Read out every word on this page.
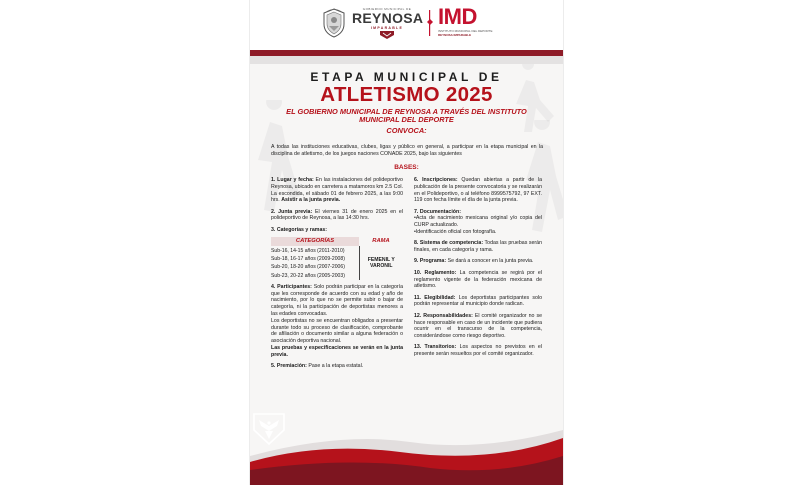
GOBIERNO MUNICIPAL DE
REYNOSA
IMPARABLE	IMD
INSTITUTO MUNICIPAL DEL DEPORTE
REYNOSA IMPARABLE
ETAPA MUNICIPAL DE
ATLETISMO 2025
EL GOBIERNO MUNICIPAL DE REYNOSA A TRAVÉS DEL INSTITUTO MUNICIPAL DEL DEPORTE
CONVOCA:
A todas las instituciones educativas, clubes, ligas y público en general, a participar en la etapa municipal en la disciplina de atletismo, de los juegos naciones CONADE 2025, bajo las siguientes
BASES:
1. Lugar y fecha: En las instalaciones del polideportivo Reynosa, ubicado en carretera a matamoros km 2.5 Col. La escondida, el sábado 01 de febrero 2025, a las 9:00 hrs. Asistir a la junta previa.
2. Junta previa: El viernes 31 de enero 2025 en el polideportivo de Reynosa, a las 14:30 hrs.
3. Categorías y ramas:
CATEGORÍAS	RAMA
Sub-16, 14-15 años (2011-2010)	FEMENIL Y
VARONIL

Sub-18, 16-17 años (2009-2008)	
Sub-20, 18-20 años (2007-2006)	
Sub-23, 20-22 años (2005-2003)	
4. Participantes: Solo podrán participar en la categoría que les corresponde de acuerdo con su edad y año de nacimiento, por lo que no se permite subir o bajar de categoría, ni la participación de deportistas menores a las edades convocadas.
Los deportistas no se encuentran obligados a presentar durante todo su proceso de clasificación, comprobante de afiliación o documento similar a alguna federación o asociación deportiva nacional.
Las pruebas y especificaciones se verán en la junta previa.
5. Premiación: Pase a la etapa estatal.
6. Inscripciones: Quedan abiertas a partir de la publicación de la presente convocatoria y se realizarán en el Polideportivo, o al teléfono 8999575792, 97 EXT. 119 con fecha límite el día de la junta previa.
7. Documentación:
• Acta de nacimiento mexicana original y/o copia del CURP actualizado.
• Identificación oficial con fotografía.
8. Sistema de competencia: Todas las pruebas serán finales, en cada categoría y rama.
9. Programa: Se dará a conocer en la junta previa.
10. Reglamento: La competencia se regirá por el reglamento vigente de la federación mexicana de atletismo.
11. Elegibilidad: Los deportistas participantes solo podrán representar al municipio donde radican.
12. Responsabilidades: El comité organizador no se hace responsable en caso de un incidente que pudiera ocurrir en el transcurso de la competencia, considerándose como riesgo deportivo.
13. Transitorios: Los aspectos no previstos en el presente serán resueltos por el comité organizador.
